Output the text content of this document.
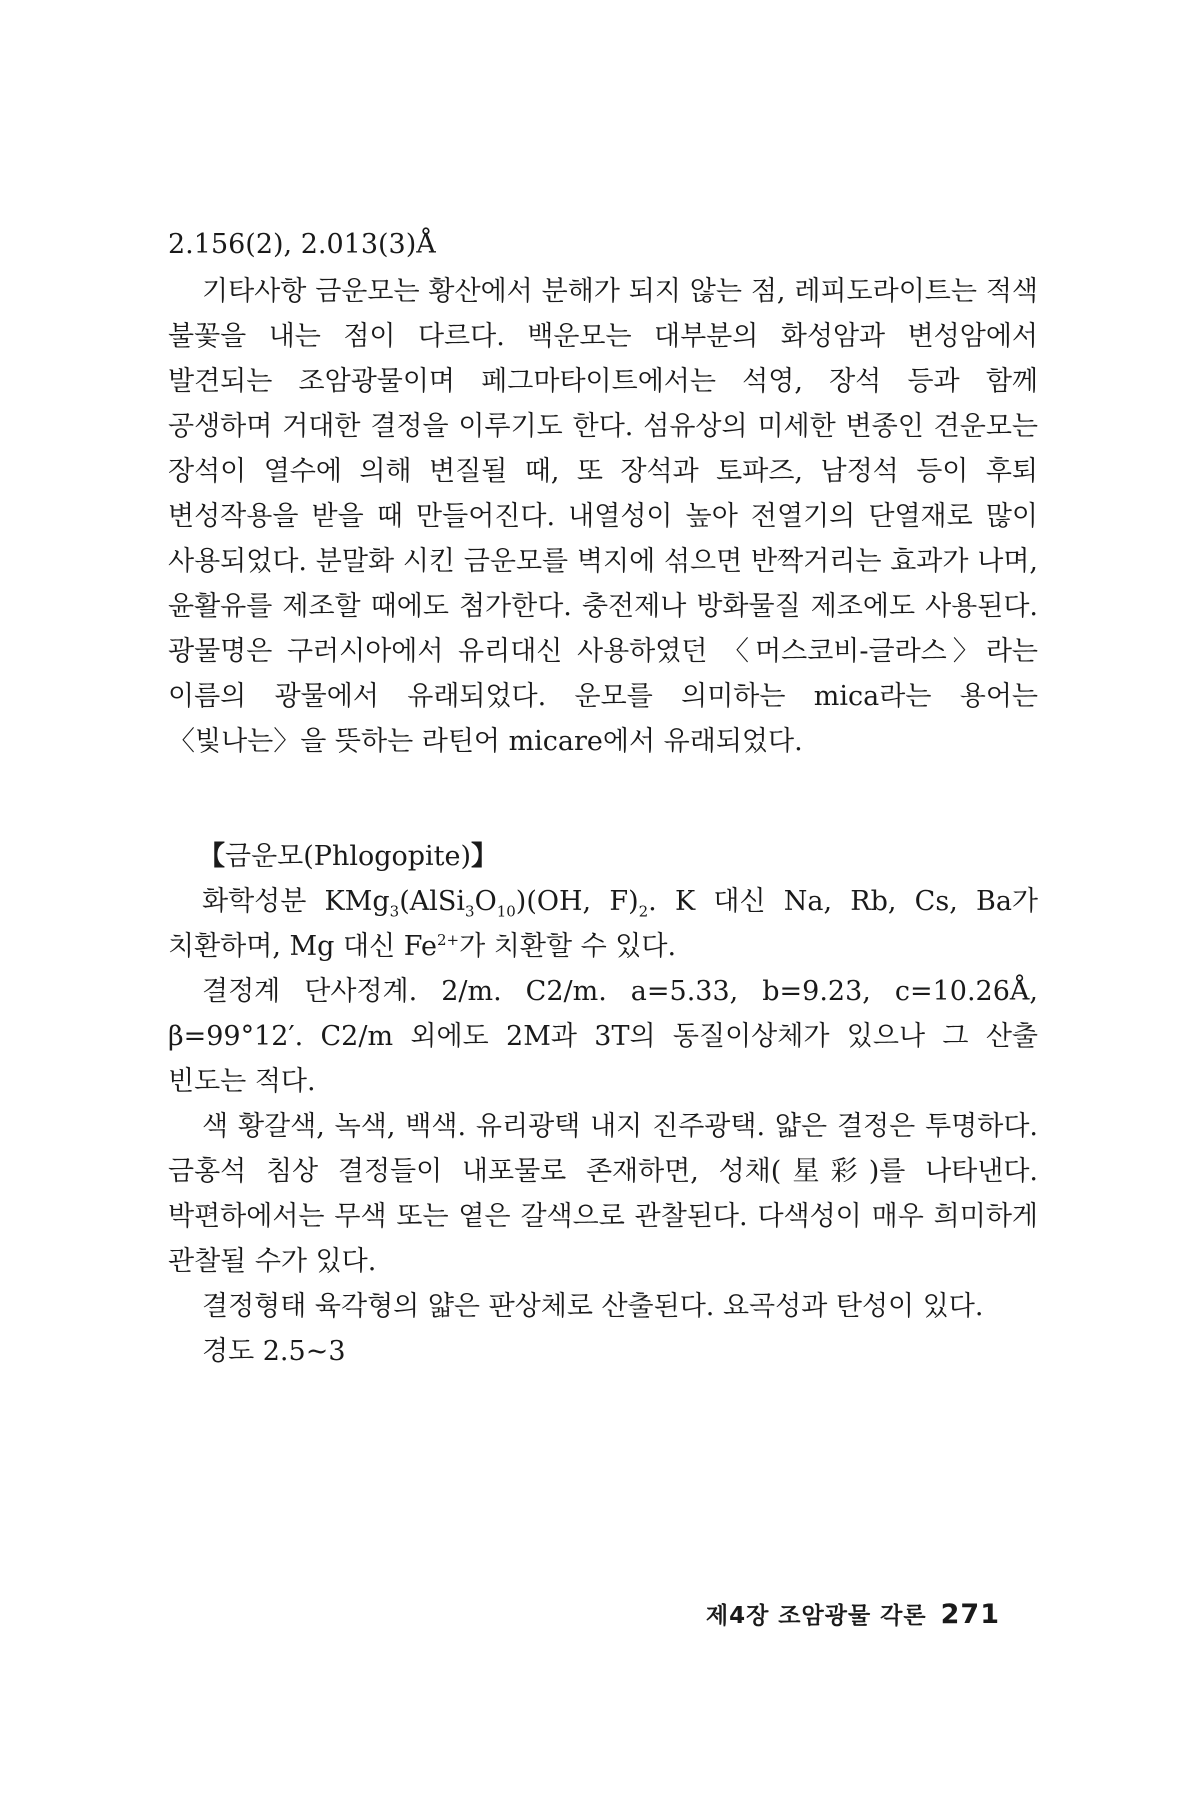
2.156(2), 2.013(3)Å

기타사항 금운모는 황산에서 분해가 되지 않는 점, 레피도라이트는 적색 불꽃을 내는 점이 다르다. 백운모는 대부분의 화성암과 변성암에서 발견되는 조암광물이며 페그마타이트에서는 석영, 장석 등과 함께 공생하며 거대한 결정을 이루기도 한다. 섬유상의 미세한 변종인 견운모는 장석이 열수에 의해 변질될 때, 또 장석과 토파즈, 남정석 등이 후퇴 변성작용을 받을 때 만들어진다. 내열성이 높아 전열기의 단열재로 많이 사용되었다. 분말화 시킨 금운모를 벽지에 섞으면 반짝거리는 효과가 나며, 윤활유를 제조할 때에도 첨가한다. 충전제나 방화물질 제조에도 사용된다. 광물명은 구러시아에서 유리대신 사용하였던 〈머스코비-글라스〉라는 이름의 광물에서 유래되었다. 운모를 의미하는 mica라는 용어는 〈빛나는〉을 뜻하는 라틴어 micare에서 유래되었다.

【금운모(Phlogopite)】

화학성분 $KMg_3(AlSi_3O_{10})(OH$, $F)_2$. K 대신 Na, Rb, Cs, Ba가 치환하며, Mg 대신 $Fe^{2+}$가 치환할 수 있다.

결정계 단사정계. 2/m. C2/m. a=5.33, b=9.23, c=10.26Å, β=99°12′. C2/m 외에도 2M과 3T의 동질이상체가 있으나 그 산출 빈도는 적다.

색 황갈색, 녹색, 백색. 유리광택 내지 진주광택. 얇은 결정은 투명하다. 금홍석 침상 결정들이 내포물로 존재하면, 성채(星彩)를 나타낸다. 박편하에서는 무색 또는 옅은 갈색으로 관찰된다. 다색성이 매우 희미하게 관찰될 수가 있다.

결정형태 육각형의 얇은 판상체로 산출된다. 요곡성과 탄성이 있다.

경도 2.5~3

제4장 조암광물 각론 271
